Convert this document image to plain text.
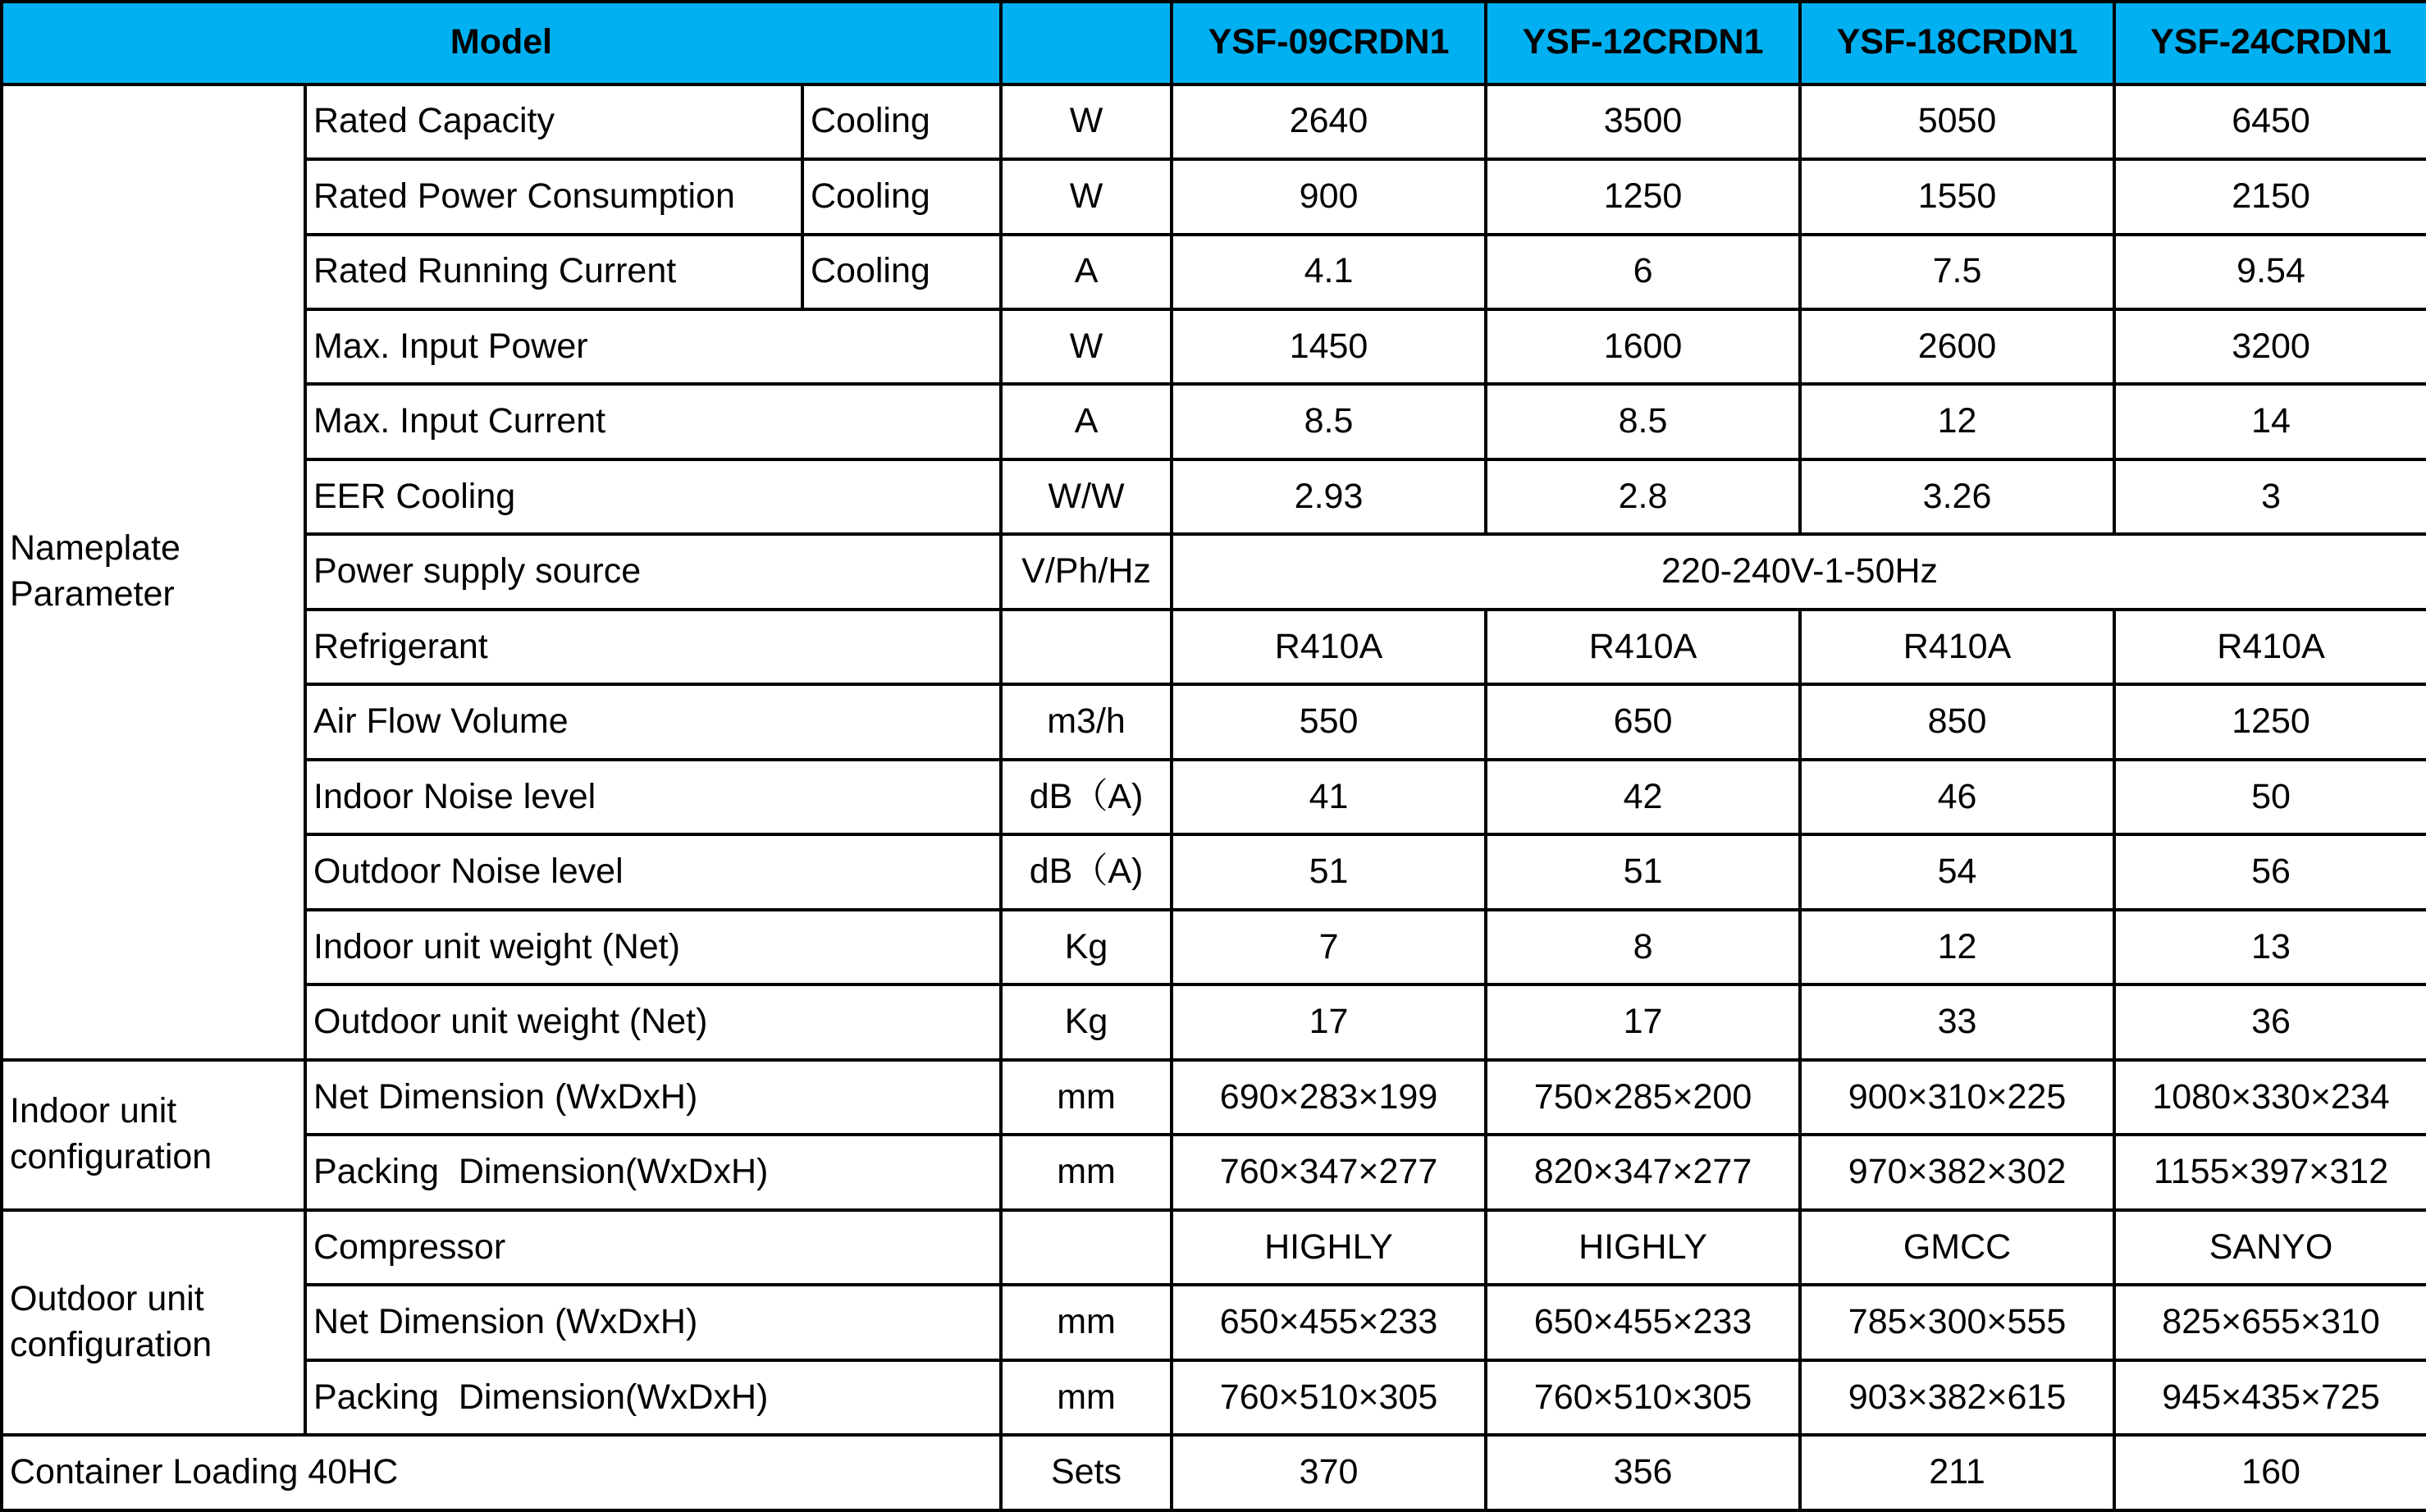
Model				YSF-09CRDN1	YSF-12CRDN1	YSF-18CRDN1	YSF-24CRDN1
Nameplate Parameter	Rated Capacity	Cooling	W	2640	3500	5050	6450
	Rated Power Consumption	Cooling	W	900	1250	1550	2150
	Rated Running Current	Cooling	A	4.1	6	7.5	9.54
	Max. Input Power		W	1450	1600	2600	3200
	Max. Input Current		A	8.5	8.5	12	14
	EER Cooling		W/W	2.93	2.8	3.26	3
	Power supply source		V/Ph/Hz	220-240V-1-50Hz			
	Refrigerant			R410A	R410A	R410A	R410A
	Air Flow Volume		m3/h	550	650	850	1250
	Indoor Noise level		dB（A)	41	42	46	50
	Outdoor Noise level		dB（A)	51	51	54	56
	Indoor unit weight (Net)		Kg	7	8	12	13
	Outdoor unit weight (Net)		Kg	17	17	33	36
Indoor unit configuration	Net Dimension (WxDxH)		mm	690×283×199	750×285×200	900×310×225	1080×330×234
	Packing  Dimension(WxDxH)		mm	760×347×277	820×347×277	970×382×302	1155×397×312
Outdoor unit configuration	Compressor			HIGHLY	HIGHLY	GMCC	SANYO
	Net Dimension (WxDxH)		mm	650×455×233	650×455×233	785×300×555	825×655×310
	Packing  Dimension(WxDxH)		mm	760×510×305	760×510×305	903×382×615	945×435×725
Container Loading 40HC			Sets	370	356	211	160
